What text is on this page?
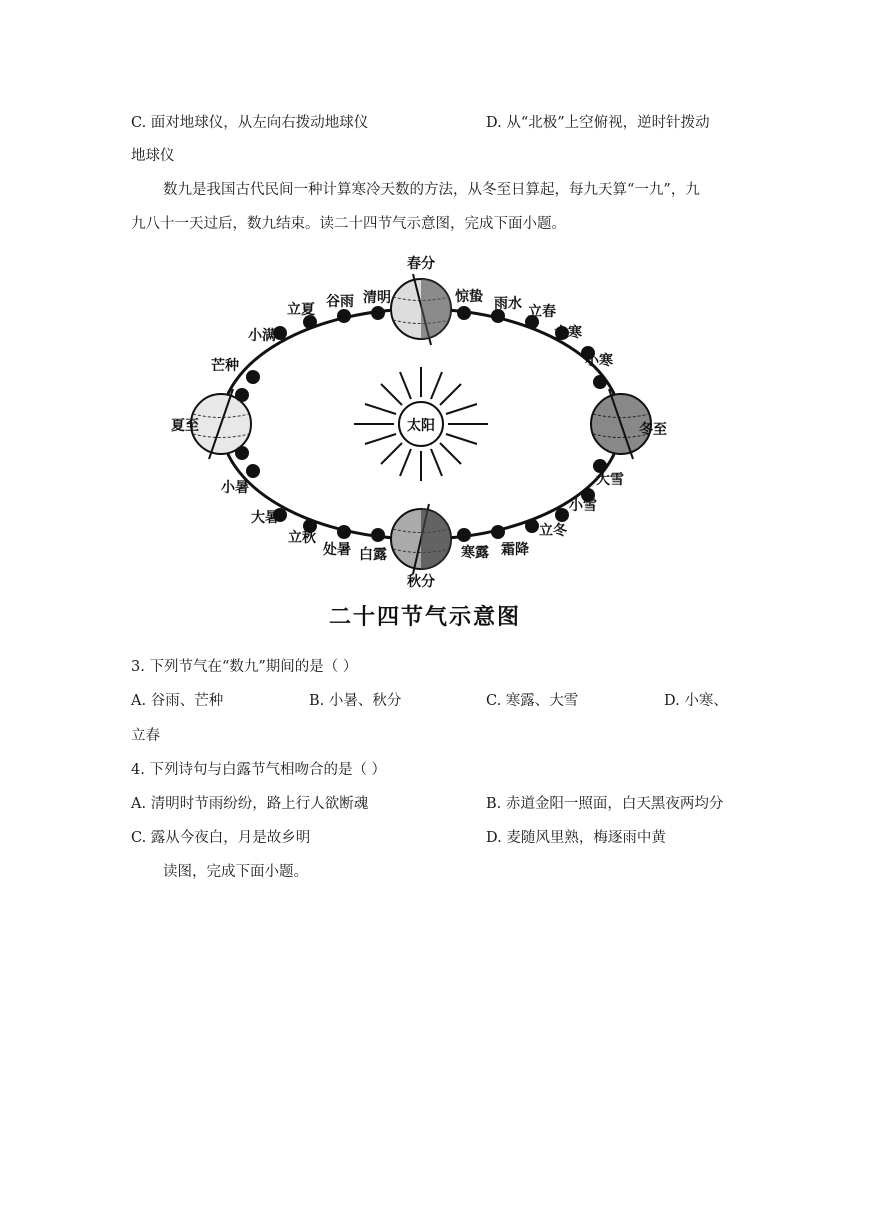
C. 面对地球仪，从左向右拨动地球仪	D. 从“北极”上空俯视，逆时针拨动
地球仪
数九是我国古代民间一种计算寒冷天数的方法，从冬至日算起，每九天算“一九”，九
九八十一天过后，数九结束。读二十四节气示意图，完成下面小题。
太阳
春分
清明
谷雨
立夏
小满
芒种
夏至
小暑
大暑
立秋
处暑 白露
秋分
寒露 霜降
立冬
小雪
大雪
冬至
小寒
大寒
立春
雨水
惊蛰
二十四节气示意图
3. 下列节气在“数九”期间的是（ ）
A. 谷雨、芒种	B. 小暑、秋分	C. 寒露、大雪	D. 小寒、
立春
4. 下列诗句与白露节气相吻合的是（ ）
A. 清明时节雨纷纷，路上行人欲断魂	B. 赤道金阳一照面，白天黑夜两均分
C. 露从今夜白，月是故乡明	D. 麦随风里熟，梅逐雨中黄
读图，完成下面小题。
